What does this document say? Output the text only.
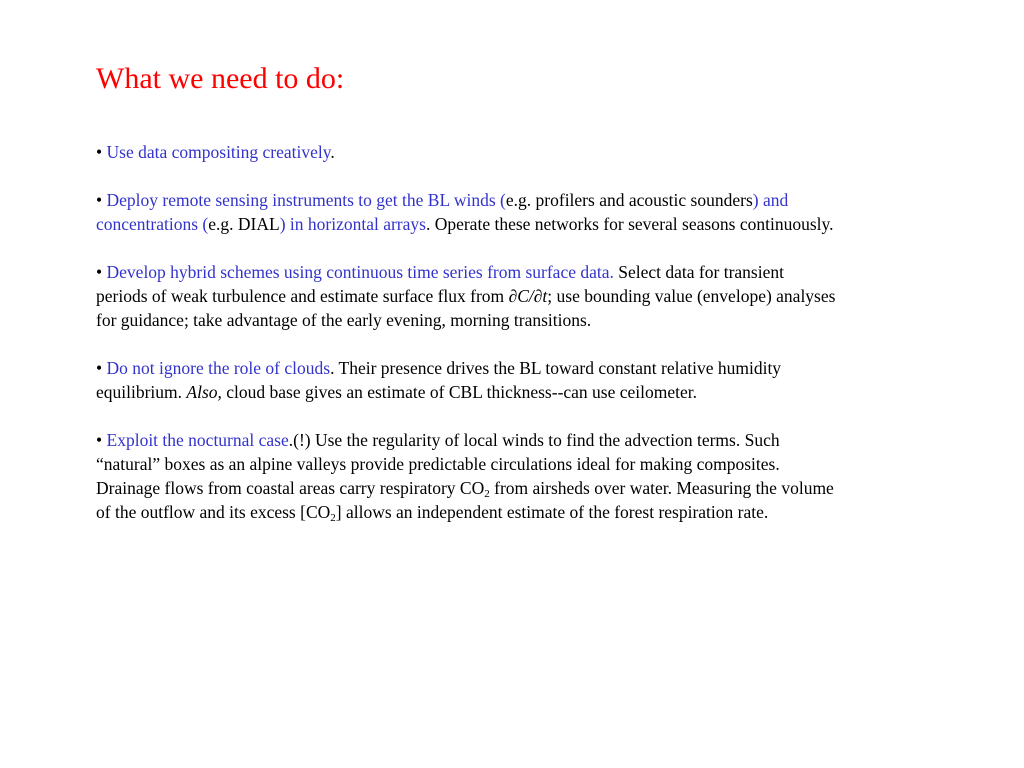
What we need to do:

• Use data compositing creatively.

• Deploy remote sensing instruments to get the BL winds (e.g. profilers and acoustic sounders) and concentrations (e.g. DIAL) in horizontal arrays. Operate these networks for several seasons continuously.

• Develop hybrid schemes using continuous time series from surface data. Select data for transient periods of weak turbulence and estimate surface flux from ∂C/∂t; use bounding value (envelope) analyses for guidance; take advantage of the early evening, morning transitions.

• Do not ignore the role of clouds. Their presence drives the BL toward constant relative humidity equilibrium. Also, cloud base gives an estimate of CBL thickness--can use ceilometer.

• Exploit the nocturnal case.(!) Use the regularity of local winds to find the advection terms. Such “natural” boxes as an alpine valleys provide predictable circulations ideal for making composites. Drainage flows from coastal areas carry respiratory $CO_2$ from airsheds over water. Measuring the volume of the outflow and its excess $[CO_2]$ allows an independent estimate of the forest respiration rate.
